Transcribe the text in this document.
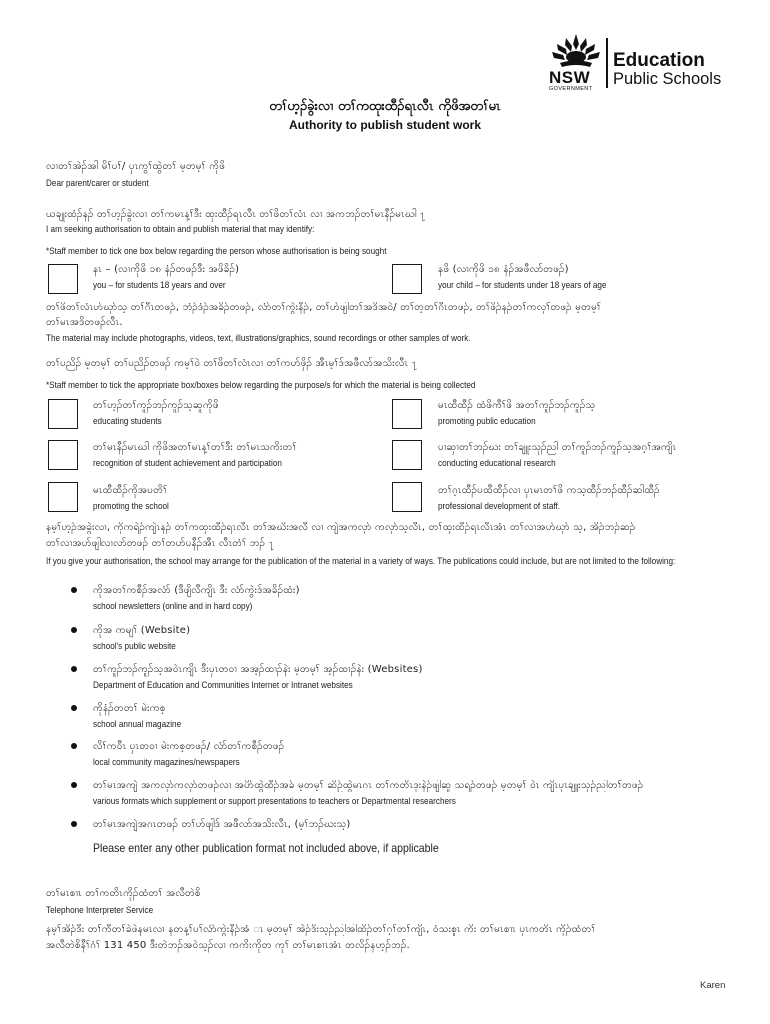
NSW
GOVERNMENT
Education
Public Schools
တၢ်ဟ့ၣ်ခွဲးလၢ တၢ်ကထုးထီၣ်ရၤလီၤ ကိုဖိအတၢ်မၤ
Authority to publish student work
လၢတၢ်အဲၣ်အါ မိၢ်ပၢ်/ ပှၤကွၢ်ထွဲတၢ် မ့တမ့ၢ် ကိုဖိ
Dear parent/carer or student
ယချုးထံၣ်နၣ် တၢ်ဟ့ၣ်ခွဲးလၢ တၢ်ကမၤန့ၢ်ဒီး ထုးထီၣ်ရၤလီၤ တၢ်ဖိတၢ်လံၤ လၢ အကဘၣ်တၢ်မၤနီၣ်မၤဃါ ႑
I am seeking authorisation to obtain and publish material that may identify:
*Staff member to tick one box below regarding the person whose authorisation is being sought
နၤ – (လၢကိုဖိ ၁၈ နံၣ်တဖၣ်ဒီး အဖိခိၣ်)
you – for students 18 years and over
နဖိ (လၢကိုဖိ ၁၈ နံၣ်အဖီလာ်တဖၣ်)
your child – for students under 18 years of age
တၢ်ဖိတၢ်လံၤဟ်ဃှာ်သ့ တၢ်ဂီၤတဖၣ်, ဘံၣ်ဒံၣ်အခိၣ်တဖၣ်, လံာ်တၢ်ကွဲးနီၣ်, တၢ်ဟ်ဖျါတၢ်အဒိအဝဲ/ တၢ်တ့တၢ်ဂီၤတဖၣ်, တၢ်ဖိၣ်နၣ်တၢ်ကလုၢ်တဖၣ် မ့တမ့ၢ်
တၢ်မၤအဒိတဖၣ်လီၤ.
The material may include photographs, videos, text, illustrations/graphics, sound recordings or other samples of work.
တၢ်ပညိၣ် မ့တမ့ၢ် တၢ်ပညိၣ်တဖၣ် ကမ့ၢ်ဝဲ တၢ်ဖိတၢ်လံၤလၢ တၢ်ကပာ်ဖှိၣ် အီၤမ့ၢ်ဒ်အဖီလာ်အသိးလီၤ ႑
*Staff member to tick the appropriate box/boxes below regarding the purpose/s for which the material is being collected
တၢ်ဟ့ၣ်တၢ်ကူၣ်ဘၣ်ကူၣ်သ့ဆူကိုဖိ
educating students
မၤထီထီၣ် ထံဖိကီၢ်ဖိ အတၢ်ကူၣ်ဘၣ်ကူၣ်သ့
promoting public education
တၢ်မၤနီၣ်မၤဃါ ကိုဖိအတၢ်မၤန့ၢ်တၢ်ဒီး တၢ်မၤသကိးတၢ်
recognition of student achievement and participation
ပၢဆှၢတၢ်ဘၣ်ဃး တၢ်ချူးသုၣ်ညါ တၢ်ကူၣ်ဘၣ်ကူၣ်သ့အဂ့ၢ်အကျိၤ
conducting educational research
မၤထီထီၣ်ကိုအပတိၢ်
promoting the school
တၢ်ဂ့ၤထီၣ်ပထီထီၣ်လၢ ပှၤမၤတၢ်ဖိ ကသ့ထီၣ်ဘၣ်ထီၣ်ဆါထီၣ်
professional development of staff.
နမ့ၢ်ဟ့ၣ်အခွဲးလၢ, ကိုကရဲၣ်ကျဲၤနၣ် တၢ်ကထုးထီၣ်ရၤလီၤ တၢ်အဃိးအလီ လၢ ကျဲအကလုာ် ကလုာ်သ့လီၤ, တၢ်ထုးထီၣ်ရၤလီၤအံၤ တၢ်လၢအပာ်ဃှာ် သ့, အိၣ်ဘၣ်ဆၣ်
တၢ်လၢအဟ်ဖျါလၢလာ်တဖၣ် တၢ်တပာ်ပနီၣ်အီၤ လီၤတံၢ် ဘၣ် ႑
If you give your authorisation, the school may arrange for the publication of the material in a variety of ways. The publications could include, but are not limited to the following:
ကိုအတၢ်ကစီၣ်အလံာ် (ဒီဖျိလီကျိၤ ဒီး လံာ်ကွဲးဒ်အခိၣ်ထံး)
school newsletters (online and in hard copy)
ကိုအ ကမျၢ် (Website)
school's public website
တၢ်ကူၣ်ဘၣ်ကူၣ်သ့အဝဲၤကျိၤ ဒီးပှၤတဝၢ အအ့ၣ်ထၢၣ်နဲး မ့တမ့ၢ် အ့ၣ်ထၢၣ်နဲး (Websites)
Department of Education and Communities Internet or Intranet websites
ကိုနံၣ်တတၢ် မဲးကစ့
school annual magazine
လိၢ်ကဝီၤ ပှၤတဝၢ မဲးကစ့တဖၣ်/ လံာ်တၢ်ကစီၣ်တဖၣ်
local community magazines/newspapers
တၢ်မၤအကျဲ အကလုာ်ကလုာ်တဖၣ်လၢ အပိာ်ထွဲထီၣ်အခ် မ့တမ့ၢ် ဆိဉ်ထွဲမၤဂၤ တၢ်ကတိၤဒုးနဲၣ်ဖျါဆူ သရၣ်တဖၣ် မ့တမ့ၢ် ဝဲၤ ကျိၤပှၤချူးသုၣ်ညါတၢ်တဖၣ်
various formats which supplement or support presentations to teachers or Departmental researchers
တၢ်မၤအကျဲအဂၤတဖၣ် တၢ်ဟ်ဖျါဒ် အဖီလာ်အသိးလီၤ, (မ့ၢ်ဘၣ်ဃးသ့)
Please enter any other publication format not included above, if applicable
တၢ်မၤစၢၤ တၢ်ကတိၤကိုၣ်ထံတၢ် အလီတဲစိ
Telephone Interpreter Service
နမ့ၢ်အိၣ်ဒီး တၢ်ကီတၢ်ခဲဖဲနမၤလၢ နတန့ၢ်ပၢ်လံာ်ကွဲးနီၣ်အံ ၤ မ့တမ့ၢ် အဲၣ်ဒိးသ့ၣ်ညါအါထိၣ်တၢ်ဂ့ၢ်တၢ်ကျိၤ, ဝံသးစူၤ ကိး တၢ်မၤစၢၤ ပှၤကတိၤ ကိုၣ်ထံတၢ်
အလီတဲစိနီၢ်ဂံၢ် 131 450 ဒီးတဲဘၣ်အဝဲသ့ၣ်လၢ ကကိးကိုတ ကုၢ် တၢ်မၤစၢၤအံၤ တလိၣ်နဟ့ၣ်ဘၣ်.
Karen
